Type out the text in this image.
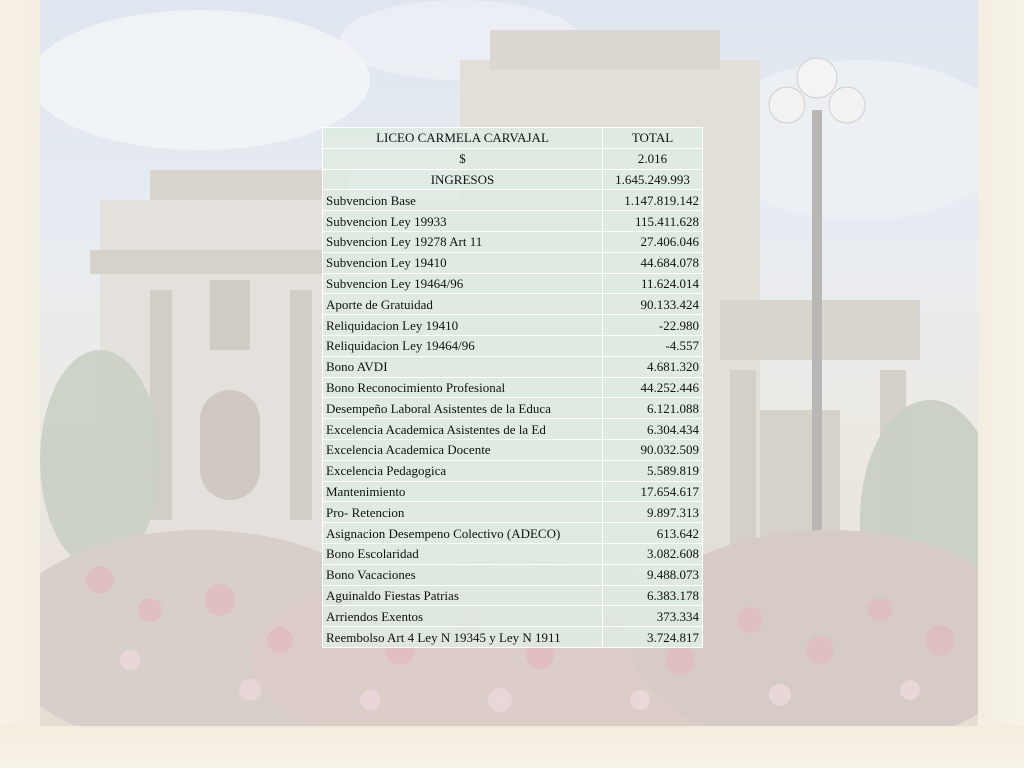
LICEO CARMELA CARVAJAL	TOTAL
$	2.016
INGRESOS	1.645.249.993
Subvencion Base	1.147.819.142
Subvencion Ley 19933	115.411.628
Subvencion Ley 19278 Art 11	27.406.046
Subvencion Ley 19410	44.684.078
Subvencion Ley 19464/96	11.624.014
Aporte de Gratuidad	90.133.424
Reliquidacion Ley 19410	-22.980
Reliquidacion Ley 19464/96	-4.557
Bono AVDI	4.681.320
Bono Reconocimiento Profesional	44.252.446
Desempeño Laboral Asistentes de la Educa	6.121.088
Excelencia Academica Asistentes de la Ed	6.304.434
Excelencia Academica Docente	90.032.509
Excelencia Pedagogica	5.589.819
Mantenimiento	17.654.617
Pro- Retencion	9.897.313
Asignacion Desempeno Colectivo (ADECO)	613.642
Bono Escolaridad	3.082.608
Bono Vacaciones	9.488.073
Aguinaldo Fiestas Patrias	6.383.178
Arriendos Exentos	373.334
Reembolso Art 4 Ley N 19345 y Ley N 1911	3.724.817
